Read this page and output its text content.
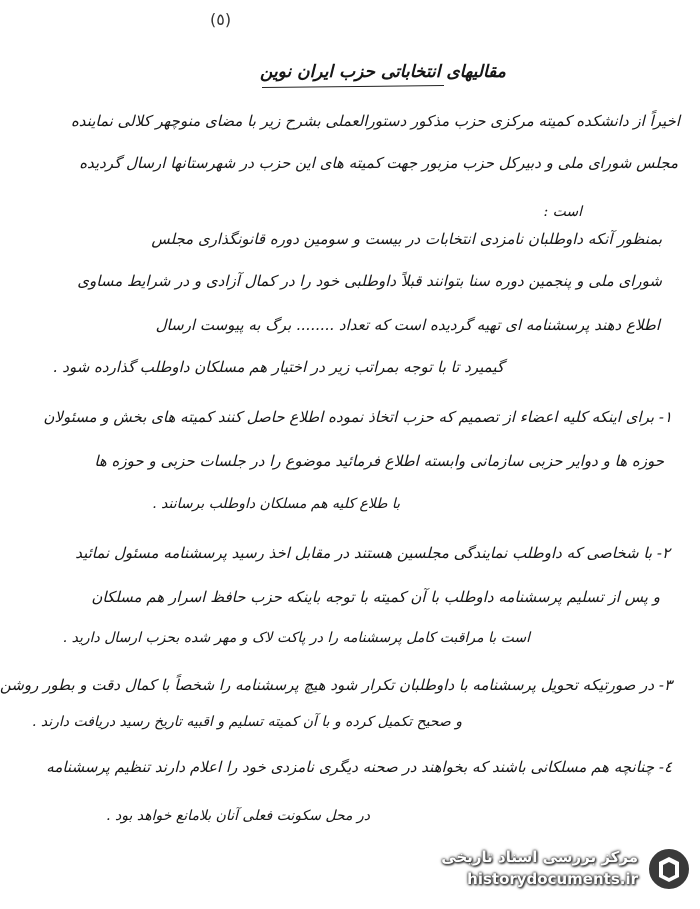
(٥)
مقالیهای انتخاباتی حزب ایران نوین
اخیراً از دانشکده کمیته مرکزی حزب مذکور دستورالعملی بشرح زیر با مضای منوچهر کلالی نماینده
مجلس شورای ملی و دبیرکل حزب مزبور جهت کمیته های این حزب در شهرستانها ارسال گردیده
است :
بمنظور آنکه داوطلبان نامزدی انتخابات در بیست و سومین دوره قانونگذاری مجلس
شورای ملی و پنجمین دوره سنا بتوانند قبلاً داوطلبی خود را در کمال آزادی و در شرایط مساوی
اطلاع دهند پرسشنامه ای تهیه گردیده است که تعداد ........ برگ به پیوست ارسال
گیمیرد تا با توجه بمراتب زیر در اختیار هم مسلکان داوطلب گذارده شود .
١- برای اینکه کلیه اعضاء از تصمیم که حزب اتخاذ نموده اطلاع حاصل کنند کمیته های بخش و مسئولان
حوزه ها و دوایر حزبی سازمانی وابسته اطلاع فرمائید موضوع را در جلسات حزبی و حوزه ها
با طلاع کلیه هم مسلکان داوطلب برسانند .
٢- با شخاصی که داوطلب نمایندگی مجلسین هستند در مقابل اخذ رسید پرسشنامه مسئول نمائید
و پس از تسلیم پرسشنامه داوطلب با آن کمیته با توجه باینکه حزب حافظ اسرار هم مسلکان
است با مراقبت کامل پرسشنامه را در پاکت لاک و مهر شده بحزب ارسال دارید .
٣- در صورتیکه تحویل پرسشنامه با داوطلبان تکرار شود هیچ پرسشنامه را شخصاً با کمال دقت و بطور روشن
و صحیح تکمیل کرده و با آن کمیته تسلیم و اقبیه تاریخ رسید دریافت دارند .
٤- چنانچه هم مسلکانی باشند که بخواهند در صحنه دیگری نامزدی خود را اعلام دارند تنظیم پرسشنامه
در محل سکونت فعلی آنان بلامانع خواهد بود .
مرکز بررسی اسناد تاریخی
historydocuments.ir
